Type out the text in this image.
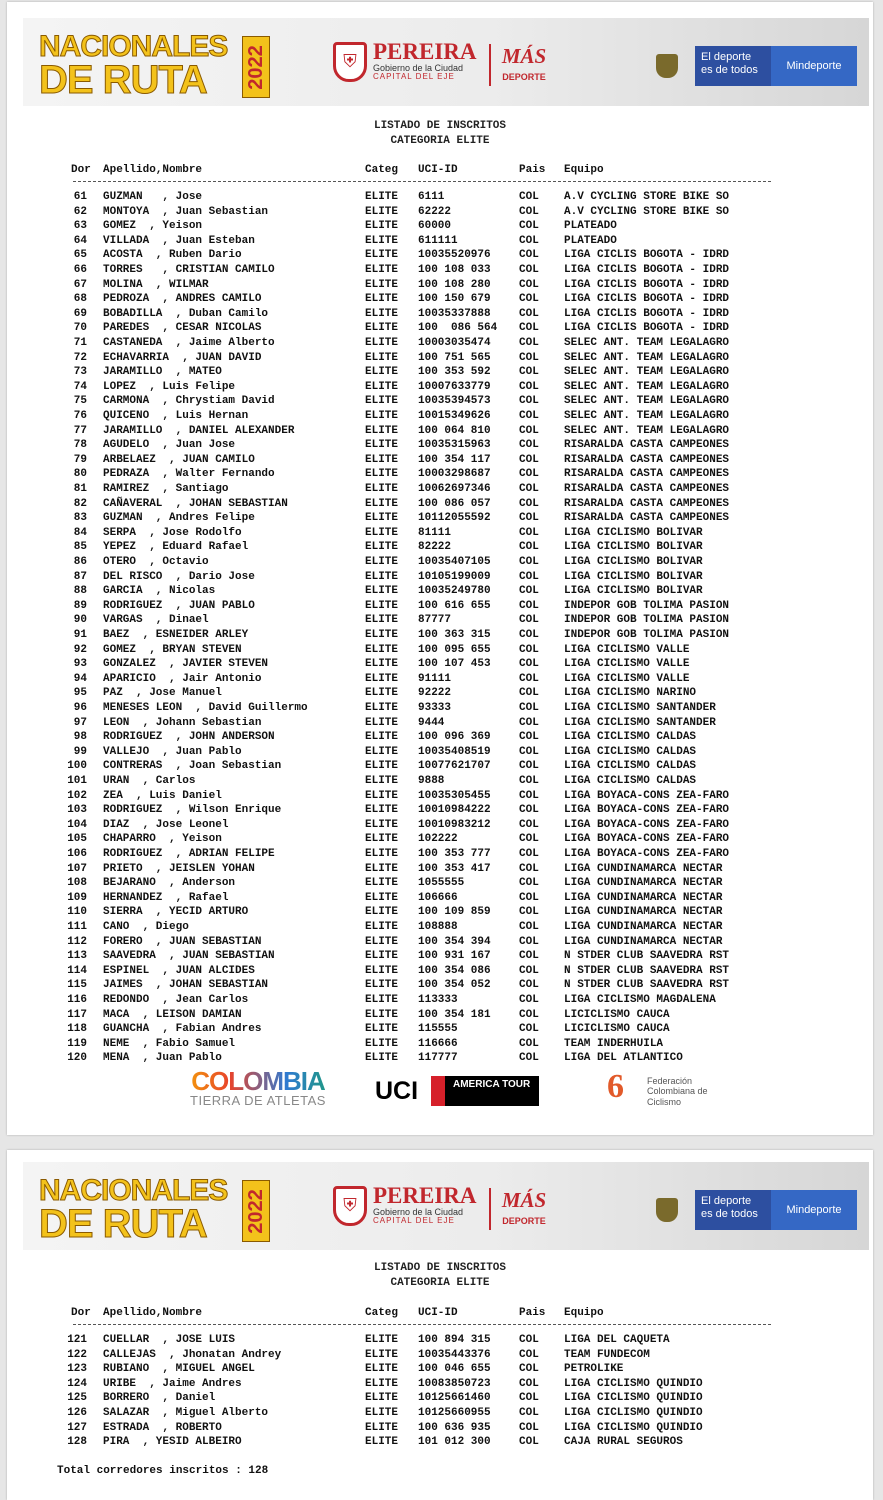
NACIONALES
DE RUTA 2022	⛨ PEREIRA
Gobierno de la Ciudad
CAPITAL DEL EJE
MÁS
DEPORTE
El deporte es de todos	Mindeporte
LISTADO DE INSCRITOS
CATEGORIA ELITE

Dor

Apellido,Nombre

	Categ

UCI-ID

	Pais

Equipo

61 GUZMAN   , Jose	ELITE 6111	COL A.V CYCLING STORE BIKE SO
62 MONTOYA  , Juan Sebastian	ELITE 62222	COL A.V CYCLING STORE BIKE SO
63 GOMEZ  , Yeison	ELITE 60000	COL PLATEADO
64 VILLADA  , Juan Esteban	ELITE 611111	COL PLATEADO
65 ACOSTA  , Ruben Dario	ELITE 10035520976	COL LIGA CICLIS BOGOTA - IDRD
66 TORRES   , CRISTIAN CAMILO	ELITE 100 108 033	COL LIGA CICLIS BOGOTA - IDRD
67 MOLINA  , WILMAR	ELITE 100 108 280	COL LIGA CICLIS BOGOTA - IDRD
68 PEDROZA  , ANDRES CAMILO	ELITE 100 150 679	COL LIGA CICLIS BOGOTA - IDRD
69 BOBADILLA  , Duban Camilo	ELITE 10035337888	COL LIGA CICLIS BOGOTA - IDRD
70 PAREDES  , CESAR NICOLAS	ELITE 100  086 564 COL LIGA CICLIS BOGOTA - IDRD
71 CASTANEDA  , Jaime Alberto	ELITE 10003035474	COL SELEC ANT. TEAM LEGALAGRO
72 ECHAVARRIA  , JUAN DAVID	ELITE 100 751 565	COL SELEC ANT. TEAM LEGALAGRO
73 JARAMILLO  , MATEO	ELITE 100 353 592	COL SELEC ANT. TEAM LEGALAGRO
74 LOPEZ  , Luis Felipe	ELITE 10007633779	COL SELEC ANT. TEAM LEGALAGRO
75 CARMONA  , Chrystiam David	ELITE 10035394573	COL SELEC ANT. TEAM LEGALAGRO
76 QUICENO  , Luis Hernan	ELITE 10015349626	COL SELEC ANT. TEAM LEGALAGRO
77 JARAMILLO  , DANIEL ALEXANDER	ELITE 100 064 810	COL SELEC ANT. TEAM LEGALAGRO
78 AGUDELO  , Juan Jose	ELITE 10035315963	COL RISARALDA CASTA CAMPEONES
79 ARBELAEZ  , JUAN CAMILO	ELITE 100 354 117	COL RISARALDA CASTA CAMPEONES
80 PEDRAZA  , Walter Fernando	ELITE 10003298687	COL RISARALDA CASTA CAMPEONES
81 RAMIREZ  , Santiago	ELITE 10062697346	COL RISARALDA CASTA CAMPEONES
82 CAÑAVERAL  , JOHAN SEBASTIAN	ELITE 100 086 057	COL RISARALDA CASTA CAMPEONES
83 GUZMAN  , Andres Felipe	ELITE 10112055592	COL RISARALDA CASTA CAMPEONES
84 SERPA  , Jose Rodolfo	ELITE 81111	COL LIGA CICLISMO BOLIVAR
85 YEPEZ  , Eduard Rafael	ELITE 82222	COL LIGA CICLISMO BOLIVAR
86 OTERO  , Octavio	ELITE 10035407105	COL LIGA CICLISMO BOLIVAR
87 DEL RISCO  , Dario Jose	ELITE 10105199009	COL LIGA CICLISMO BOLIVAR
88 GARCIA  , Nicolas	ELITE 10035249780	COL LIGA CICLISMO BOLIVAR
89 RODRIGUEZ  , JUAN PABLO	ELITE 100 616 655	COL INDEPOR GOB TOLIMA PASION
90 VARGAS  , Dinael	ELITE 87777	COL INDEPOR GOB TOLIMA PASION
91 BAEZ  , ESNEIDER ARLEY	ELITE 100 363 315	COL INDEPOR GOB TOLIMA PASION
92 GOMEZ  , BRYAN STEVEN	ELITE 100 095 655	COL LIGA CICLISMO VALLE
93 GONZALEZ  , JAVIER STEVEN	ELITE 100 107 453	COL LIGA CICLISMO VALLE
94 APARICIO  , Jair Antonio	ELITE 91111	COL LIGA CICLISMO VALLE
95 PAZ  , Jose Manuel	ELITE 92222	COL LIGA CICLISMO NARINO
96 MENESES LEON  , David Guillermo	ELITE 93333	COL LIGA CICLISMO SANTANDER
97 LEON  , Johann Sebastian	ELITE 9444	COL LIGA CICLISMO SANTANDER
98 RODRIGUEZ  , JOHN ANDERSON	ELITE 100 096 369	COL LIGA CICLISMO CALDAS
99 VALLEJO  , Juan Pablo	ELITE 10035408519	COL LIGA CICLISMO CALDAS
100 CONTRERAS  , Joan Sebastian	ELITE 10077621707	COL LIGA CICLISMO CALDAS
101 URAN  , Carlos	ELITE 9888	COL LIGA CICLISMO CALDAS
102 ZEA  , Luis Daniel	ELITE 10035305455	COL LIGA BOYACA-CONS ZEA-FARO
103 RODRIGUEZ  , Wilson Enrique	ELITE 10010984222	COL LIGA BOYACA-CONS ZEA-FARO
104 DIAZ  , Jose Leonel	ELITE 10010983212	COL LIGA BOYACA-CONS ZEA-FARO
105 CHAPARRO  , Yeison	ELITE 102222	COL LIGA BOYACA-CONS ZEA-FARO
106 RODRIGUEZ  , ADRIAN FELIPE	ELITE 100 353 777	COL LIGA BOYACA-CONS ZEA-FARO
107 PRIETO  , JEISLEN YOHAN	ELITE 100 353 417	COL LIGA CUNDINAMARCA NECTAR
108 BEJARANO  , Anderson	ELITE 1055555	COL LIGA CUNDINAMARCA NECTAR
109 HERNANDEZ  , Rafael	ELITE 106666	COL LIGA CUNDINAMARCA NECTAR
110 SIERRA  , YECID ARTURO	ELITE 100 109 859	COL LIGA CUNDINAMARCA NECTAR
111 CANO  , Diego	ELITE 108888	COL LIGA CUNDINAMARCA NECTAR
112 FORERO  , JUAN SEBASTIAN	ELITE 100 354 394	COL LIGA CUNDINAMARCA NECTAR
113 SAAVEDRA  , JUAN SEBASTIAN	ELITE 100 931 167	COL N STDER CLUB SAAVEDRA RST
114 ESPINEL  , JUAN ALCIDES	ELITE 100 354 086	COL N STDER CLUB SAAVEDRA RST
115 JAIMES  , JOHAN SEBASTIAN	ELITE 100 354 052	COL N STDER CLUB SAAVEDRA RST
116 REDONDO  , Jean Carlos	ELITE 113333	COL LIGA CICLISMO MAGDALENA
117 MACA  , LEISON DAMIAN	ELITE 100 354 181	COL LICICLISMO CAUCA
118 GUANCHA  , Fabian Andres	ELITE 115555	COL LICICLISMO CAUCA
119 NEME  , Fabio Samuel	ELITE 116666	COL TEAM INDERHUILA
120 MENA  , Juan Pablo	ELITE 117777	COL LIGA DEL ATLANTICO
COLOMBIA
TIERRA DE ATLETAS	UCI	AMERICA TOUR 6	Federación Colombiana de Ciclismo
NACIONALES
DE RUTA 2022	⛨ PEREIRA
Gobierno de la Ciudad
CAPITAL DEL EJE
MÁS
DEPORTE
El deporte es de todos	Mindeporte
LISTADO DE INSCRITOS
CATEGORIA ELITE

Dor

Apellido,Nombre

	Categ

UCI-ID

	Pais

Equipo

121 CUELLAR  , JOSE LUIS	ELITE 100 894 315	COL LIGA DEL CAQUETA
122 CALLEJAS  , Jhonatan Andrey	ELITE 10035443376	COL TEAM FUNDECOM
123 RUBIANO  , MIGUEL ANGEL	ELITE 100 046 655	COL PETROLIKE
124 URIBE  , Jaime Andres	ELITE 10083850723	COL LIGA CICLISMO QUINDIO
125 BORRERO  , Daniel	ELITE 10125661460	COL LIGA CICLISMO QUINDIO
126 SALAZAR  , Miguel Alberto	ELITE 10125660955	COL LIGA CICLISMO QUINDIO
127 ESTRADA  , ROBERTO	ELITE 100 636 935	COL LIGA CICLISMO QUINDIO
128 PIRA  , YESID ALBEIRO	ELITE 101 012 300	COL CAJA RURAL SEGUROS
Total corredores inscritos : 128
